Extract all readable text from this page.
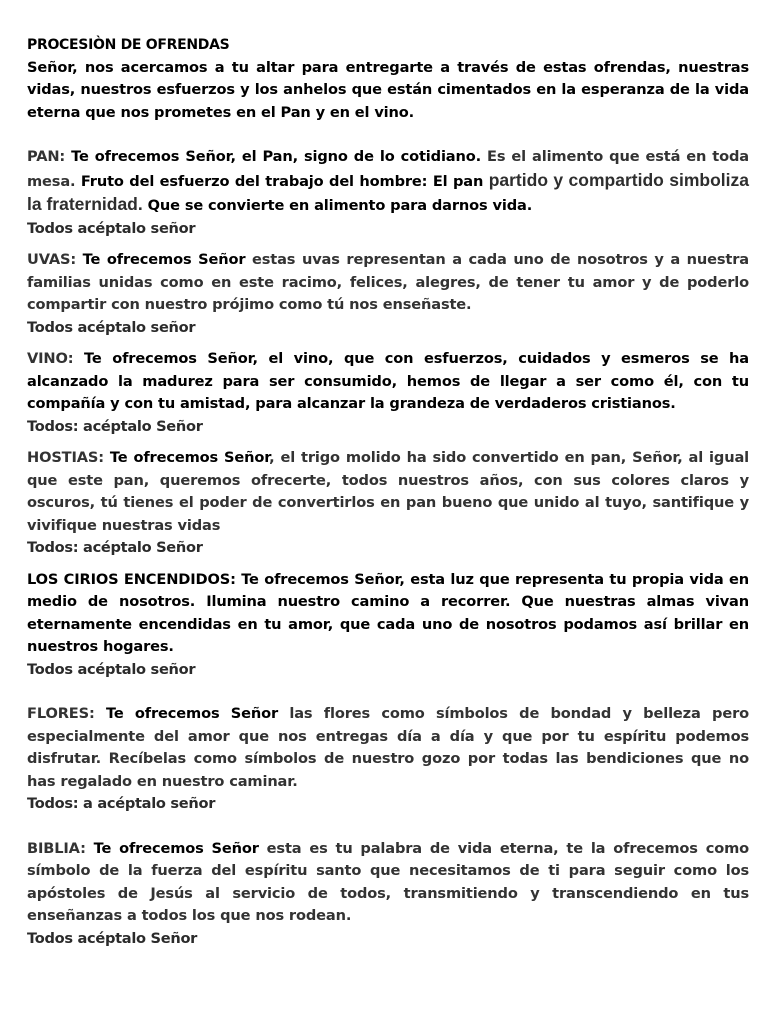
PROCESIÒN DE OFRENDAS

Señor, nos acercamos a tu altar para entregarte a través de estas ofrendas, nuestras vidas, nuestros esfuerzos y los anhelos que están cimentados en la esperanza de la vida eterna que nos prometes en el Pan y en el vino.

PAN: Te ofrecemos Señor, el Pan, signo de lo cotidiano. Es el alimento que está en toda mesa. Fruto del esfuerzo del trabajo del hombre: El pan partido y compartido simboliza la fraternidad. Que se convierte en alimento para darnos vida.

Todos acéptalo señor

UVAS: Te ofrecemos Señor estas uvas representan a cada uno de nosotros y a nuestra familias unidas como en este racimo, felices, alegres, de tener tu amor y de poderlo compartir con nuestro prójimo como tú nos enseñaste.

Todos acéptalo señor

VINO: Te ofrecemos Señor, el vino, que con esfuerzos, cuidados y esmeros se ha alcanzado la madurez para ser consumido, hemos de llegar a ser como él, con tu compañía y con tu amistad, para alcanzar la grandeza de verdaderos cristianos.

Todos: acéptalo Señor

HOSTIAS: Te ofrecemos Señor, el trigo molido ha sido convertido en pan, Señor, al igual que este pan, queremos ofrecerte, todos nuestros años, con sus colores claros y oscuros, tú tienes el poder de convertirlos en pan bueno que unido al tuyo, santifique y vivifique nuestras vidas

Todos: acéptalo Señor

LOS CIRIOS ENCENDIDOS: Te ofrecemos Señor, esta luz que representa tu propia vida en medio de nosotros. Ilumina nuestro camino a recorrer. Que nuestras almas vivan eternamente encendidas en tu amor, que cada uno de nosotros podamos así brillar en nuestros hogares.

Todos acéptalo señor

FLORES: Te ofrecemos Señor las flores como símbolos de bondad y belleza pero especialmente del amor que nos entregas día a día y que por tu espíritu podemos disfrutar. Recíbelas como símbolos de nuestro gozo por todas las bendiciones que no has regalado en nuestro caminar.

Todos: a acéptalo señor

BIBLIA: Te ofrecemos Señor esta es tu palabra de vida eterna, te la ofrecemos como símbolo de la fuerza del espíritu santo que necesitamos de ti para seguir como los apóstoles de Jesús al servicio de todos, transmitiendo y transcendiendo en tus enseñanzas a todos los que nos rodean.

Todos acéptalo Señor
